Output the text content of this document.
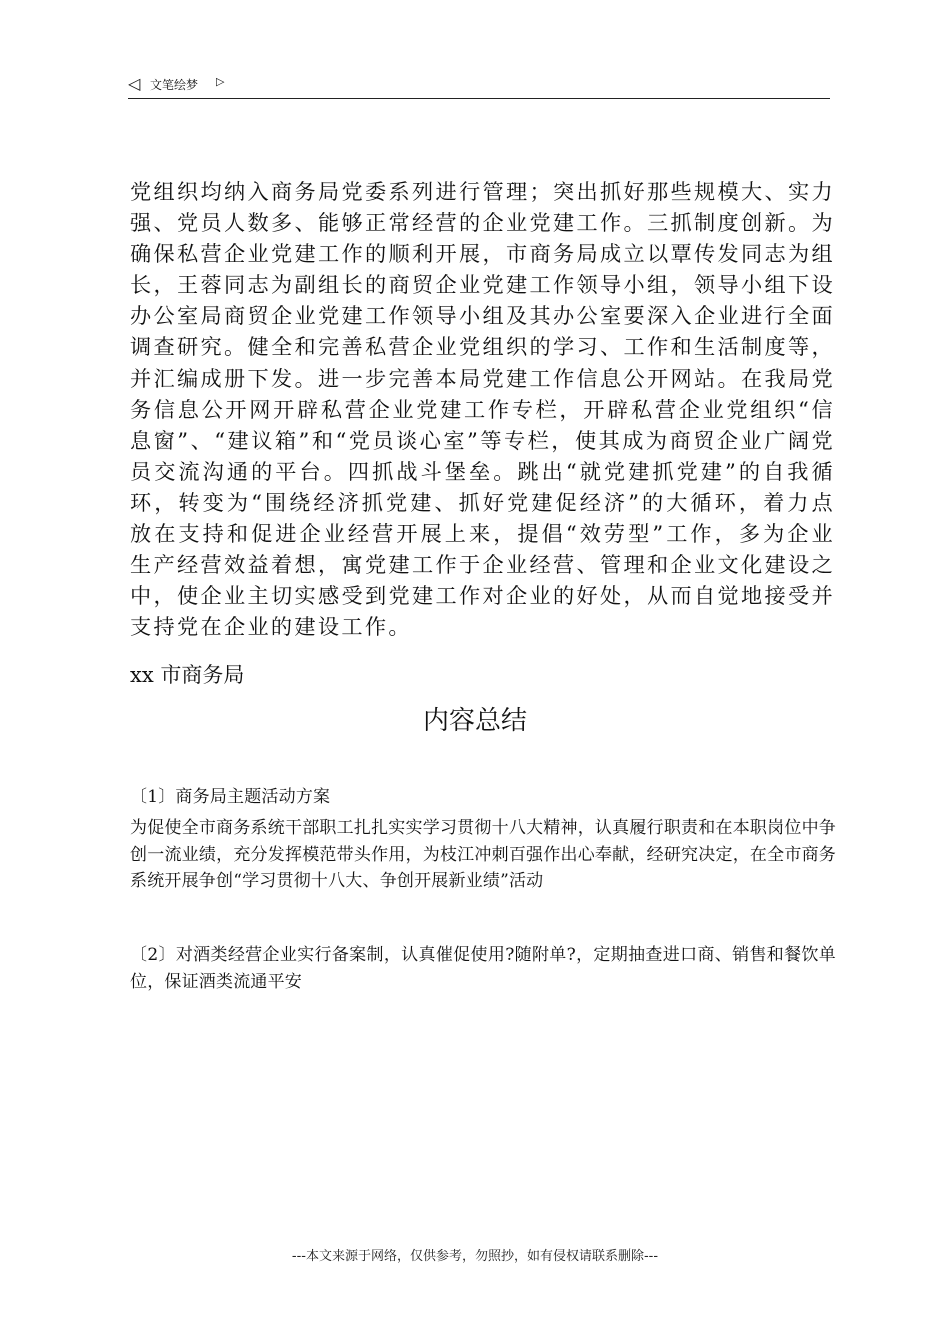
◁ 文笔绘梦 ▷

党组织均纳入商务局党委系列进行管理；突出抓好那些规模大、实力强、党员人数多、能够正常经营的企业党建工作。三抓制度创新。为确保私营企业党建工作的顺利开展，市商务局成立以覃传发同志为组长，王蓉同志为副组长的商贸企业党建工作领导小组，领导小组下设办公室局商贸企业党建工作领导小组及其办公室要深入企业进行全面调查研究。健全和完善私营企业党组织的学习、工作和生活制度等，并汇编成册下发。进一步完善本局党建工作信息公开网站。在我局党务信息公开网开辟私营企业党建工作专栏，开辟私营企业党组织“信息窗”、“建议箱”和“党员谈心室”等专栏，使其成为商贸企业广阔党员交流沟通的平台。四抓战斗堡垒。跳出“就党建抓党建”的自我循环，转变为“围绕经济抓党建、抓好党建促经济”的大循环，着力点放在支持和促进企业经营开展上来，提倡“效劳型”工作，多为企业生产经营效益着想，寓党建工作于企业经营、管理和企业文化建设之中，使企业主切实感受到党建工作对企业的好处，从而自觉地接受并支持党在企业的建设工作。

xx 市商务局

内容总结

〔1〕商务局主题活动方案

为促使全市商务系统干部职工扎扎实实学习贯彻十八大精神，认真履行职责和在本职岗位中争创一流业绩，充分发挥模范带头作用，为枝江冲刺百强作出心奉献，经研究决定，在全市商务系统开展争创“学习贯彻十八大、争创开展新业绩”活动

〔2〕对酒类经营企业实行备案制，认真催促使用?随附单?，定期抽查进口商、销售和餐饮单位，保证酒类流通平安

---本文来源于网络，仅供参考，勿照抄，如有侵权请联系删除---
